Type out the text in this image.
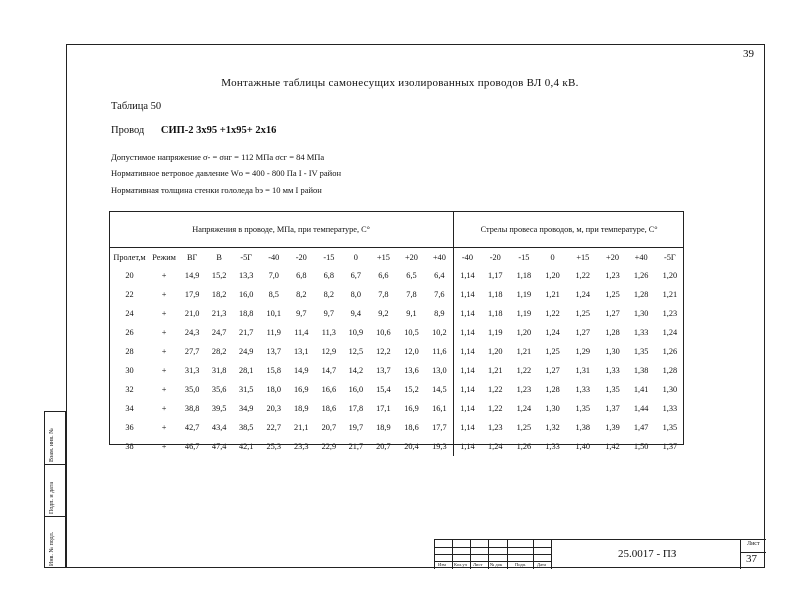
39
Монтажные таблицы самонесущих изолированных проводов ВЛ 0,4 кВ.
Таблица 50
Провод СИП-2 3х95 +1х95+ 2х16
Допустимое напряжение σ- = σнг = 112 МПа σсг = 84 МПа
Нормативное ветровое давление Wо = 400 - 800 Па I - IV район
Нормативная толщина стенки гололеда bэ = 10 мм I район
Напряжения в проводе, МПа, при температуре, С°												Стрелы провеса проводов, м, при температуре, С°							
Пролет,м	Режим	ВГ	В	-5Г	-40	-20	-15	0	+15	+20	+40	-40	-20	-15	0	+15	+20	+40	-5Г
20	+	14,9	15,2	13,3	7,0	6,8	6,8	6,7	6,6	6,5	6,4	1,14	1,17	1,18	1,20	1,22	1,23	1,26	1,20
22	+	17,9	18,2	16,0	8,5	8,2	8,2	8,0	7,8	7,8	7,6	1,14	1,18	1,19	1,21	1,24	1,25	1,28	1,21
24	+	21,0	21,3	18,8	10,1	9,7	9,7	9,4	9,2	9,1	8,9	1,14	1,18	1,19	1,22	1,25	1,27	1,30	1,23
26	+	24,3	24,7	21,7	11,9	11,4	11,3	10,9	10,6	10,5	10,2	1,14	1,19	1,20	1,24	1,27	1,28	1,33	1,24
28	+	27,7	28,2	24,9	13,7	13,1	12,9	12,5	12,2	12,0	11,6	1,14	1,20	1,21	1,25	1,29	1,30	1,35	1,26
30	+	31,3	31,8	28,1	15,8	14,9	14,7	14,2	13,7	13,6	13,0	1,14	1,21	1,22	1,27	1,31	1,33	1,38	1,28
32	+	35,0	35,6	31,5	18,0	16,9	16,6	16,0	15,4	15,2	14,5	1,14	1,22	1,23	1,28	1,33	1,35	1,41	1,30
34	+	38,8	39,5	34,9	20,3	18,9	18,6	17,8	17,1	16,9	16,1	1,14	1,22	1,24	1,30	1,35	1,37	1,44	1,33
36	+	42,7	43,4	38,5	22,7	21,1	20,7	19,7	18,9	18,6	17,7	1,14	1,23	1,25	1,32	1,38	1,39	1,47	1,35
38	+	46,7	47,4	42,1	25,3	23,3	22,9	21,7	20,7	20,4	19,3	1,14	1,24	1,26	1,33	1,40	1,42	1,50	1,37
Взам. инв. №
Подп. и дата
Инв. № подл.	Изм Кол.уч Лист № док	Подп. Дата
25.0017 - ПЗ
Лист
37
